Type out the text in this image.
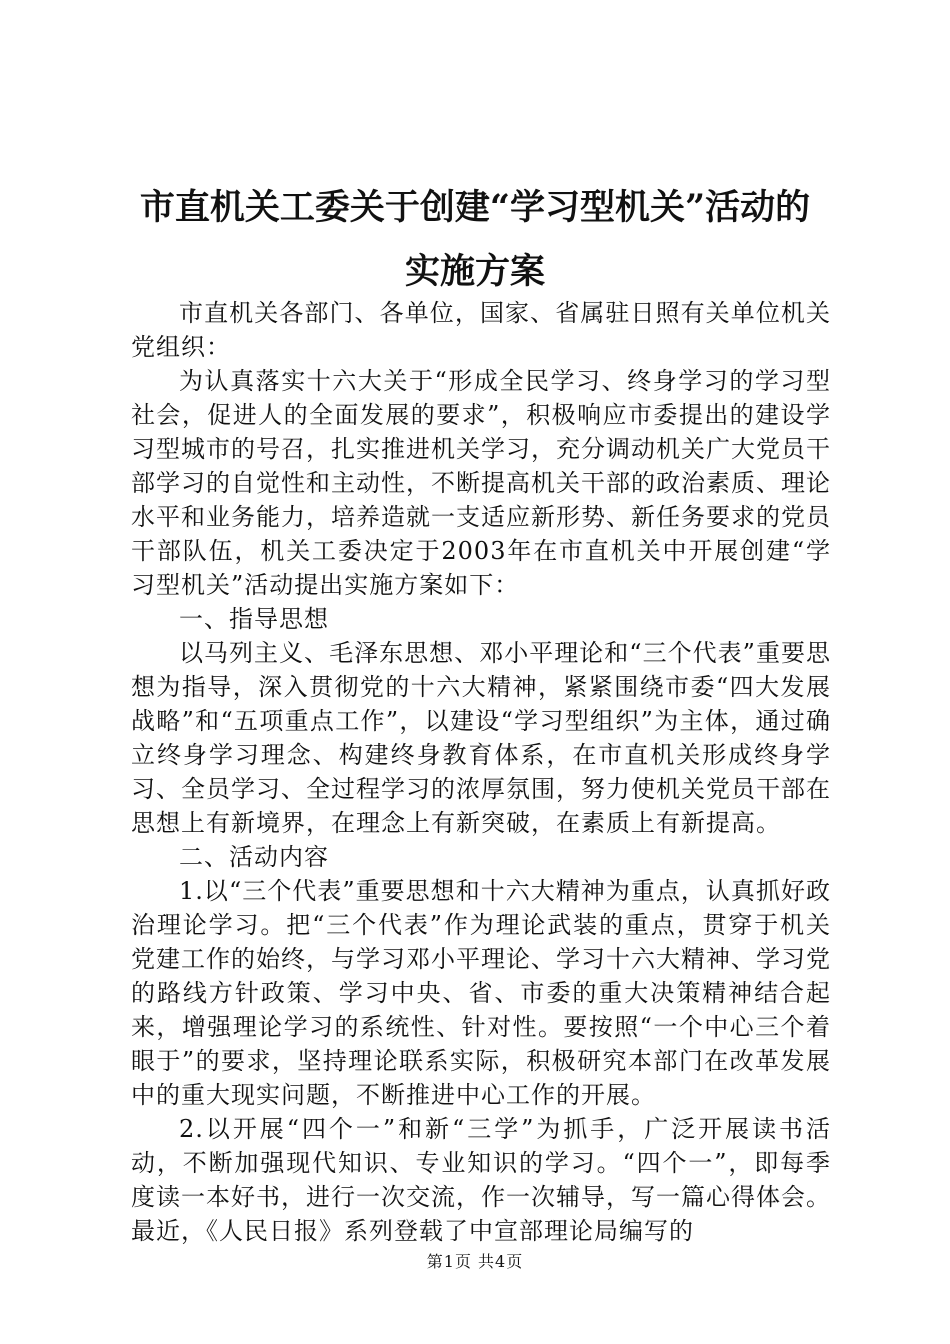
市直机关工委关于创建“学习型机关”活动的
实施方案

市直机关各部门、各单位，国家、省属驻日照有关单位机关党组织：

为认真落实十六大关于“形成全民学习、终身学习的学习型社会，促进人的全面发展的要求”，积极响应市委提出的建设学习型城市的号召，扎实推进机关学习，充分调动机关广大党员干部学习的自觉性和主动性，不断提高机关干部的政治素质、理论水平和业务能力，培养造就一支适应新形势、新任务要求的党员干部队伍，机关工委决定于2003年在市直机关中开展创建“学习型机关”活动提出实施方案如下：

一、指导思想

以马列主义、毛泽东思想、邓小平理论和“三个代表”重要思想为指导，深入贯彻党的十六大精神，紧紧围绕市委“四大发展战略”和“五项重点工作”，以建设“学习型组织”为主体，通过确立终身学习理念、构建终身教育体系，在市直机关形成终身学习、全员学习、全过程学习的浓厚氛围，努力使机关党员干部在思想上有新境界，在理念上有新突破，在素质上有新提高。

二、活动内容

1.以“三个代表”重要思想和十六大精神为重点，认真抓好政治理论学习。把“三个代表”作为理论武装的重点，贯穿于机关党建工作的始终，与学习邓小平理论、学习十六大精神、学习党的路线方针政策、学习中央、省、市委的重大决策精神结合起来，增强理论学习的系统性、针对性。要按照“一个中心三个着眼于”的要求，坚持理论联系实际，积极研究本部门在改革发展中的重大现实问题，不断推进中心工作的开展。

2.以开展“四个一”和新“三学”为抓手，广泛开展读书活动，不断加强现代知识、专业知识的学习。“四个一”，即每季度读一本好书，进行一次交流，作一次辅导，写一篇心得体会。最近，《人民日报》系列登载了中宣部理论局编写的

第1页 共4页
